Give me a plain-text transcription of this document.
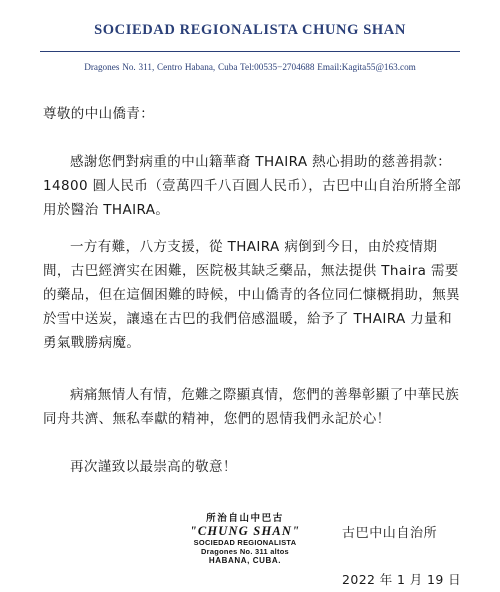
SOCIEDAD REGIONALISTA CHUNG SHAN
Dragones No. 311, Centro Habana, Cuba Tel:00535−2704688 Email:Kagita55@163.com
尊敬的中山僑青：
感謝您們對病重的中山籍華裔 THAIRA 熱心捐助的慈善捐款：14800 圓人民币（壹萬四千八百圓人民币），古巴中山自治所將全部用於醫治 THAIRA。
一方有難，八方支援，從 THAIRA 病倒到今日，由於疫情期間，古巴經濟实在困難，医院极其缺乏藥品，無法提供 Thaira 需要的藥品，但在這個困難的時候，中山僑青的各位同仁慷概捐助，無異於雪中送炭，讓遠在古巴的我們倍感溫暖，給予了 THAIRA 力量和勇氣戰勝病魔。
病痛無情人有情，危難之際顯真情，您們的善舉彰顯了中華民族同舟共濟、無私奉獻的精神，您們的恩情我們永記於心！
再次謹致以最崇高的敬意！
所治自山中巴古
"CHUNG SHAN"
SOCIEDAD REGIONALISTA
Dragones No. 311 altos
HABANA, CUBA.
古巴中山自治所
2022 年 1 月 19 日
